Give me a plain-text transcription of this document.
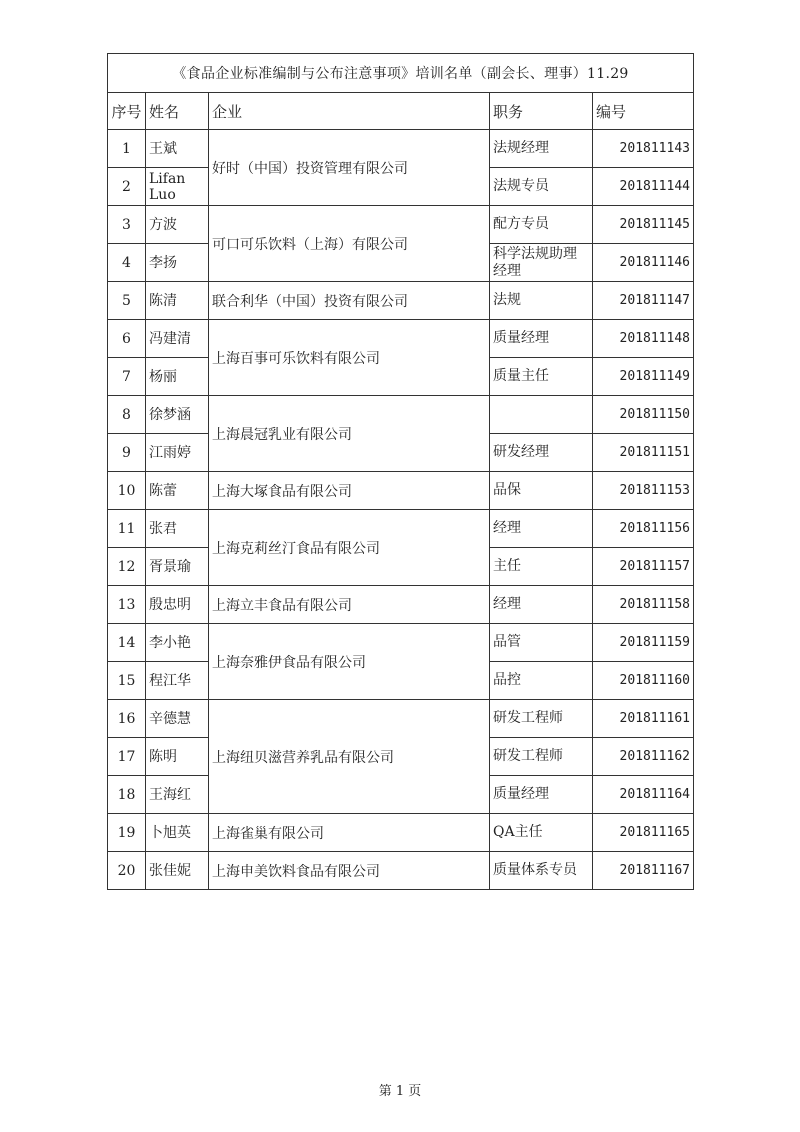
《食品企业标准编制与公布注意事项》培训名单（副会长、理事）11.29				
序号	姓名	企业	职务	编号
1	王斌	好时（中国）投资管理有限公司	法规经理	201811143
2	Lifan Luo		法规专员	201811144
3	方波	可口可乐饮料（上海）有限公司	配方专员	201811145
4	李扬		科学法规助理经理	201811146
5	陈清	联合利华（中国）投资有限公司	法规	201811147
6	冯建清	上海百事可乐饮料有限公司	质量经理	201811148
7	杨丽		质量主任	201811149
8	徐梦涵	上海晨冠乳业有限公司		201811150
9	江雨婷		研发经理	201811151
10	陈蕾	上海大塚食品有限公司	品保	201811153
11	张君	上海克莉丝汀食品有限公司	经理	201811156
12	胥景瑜		主任	201811157
13	殷忠明	上海立丰食品有限公司	经理	201811158
14	李小艳	上海奈雅伊食品有限公司	品管	201811159
15	程江华		品控	201811160
16	辛德慧	上海纽贝滋营养乳品有限公司	研发工程师	201811161
17	陈明		研发工程师	201811162
18	王海红		质量经理	201811164
19	卜旭英	上海雀巢有限公司	QA主任	201811165
20	张佳妮	上海申美饮料食品有限公司	质量体系专员	201811167
第 1 页
